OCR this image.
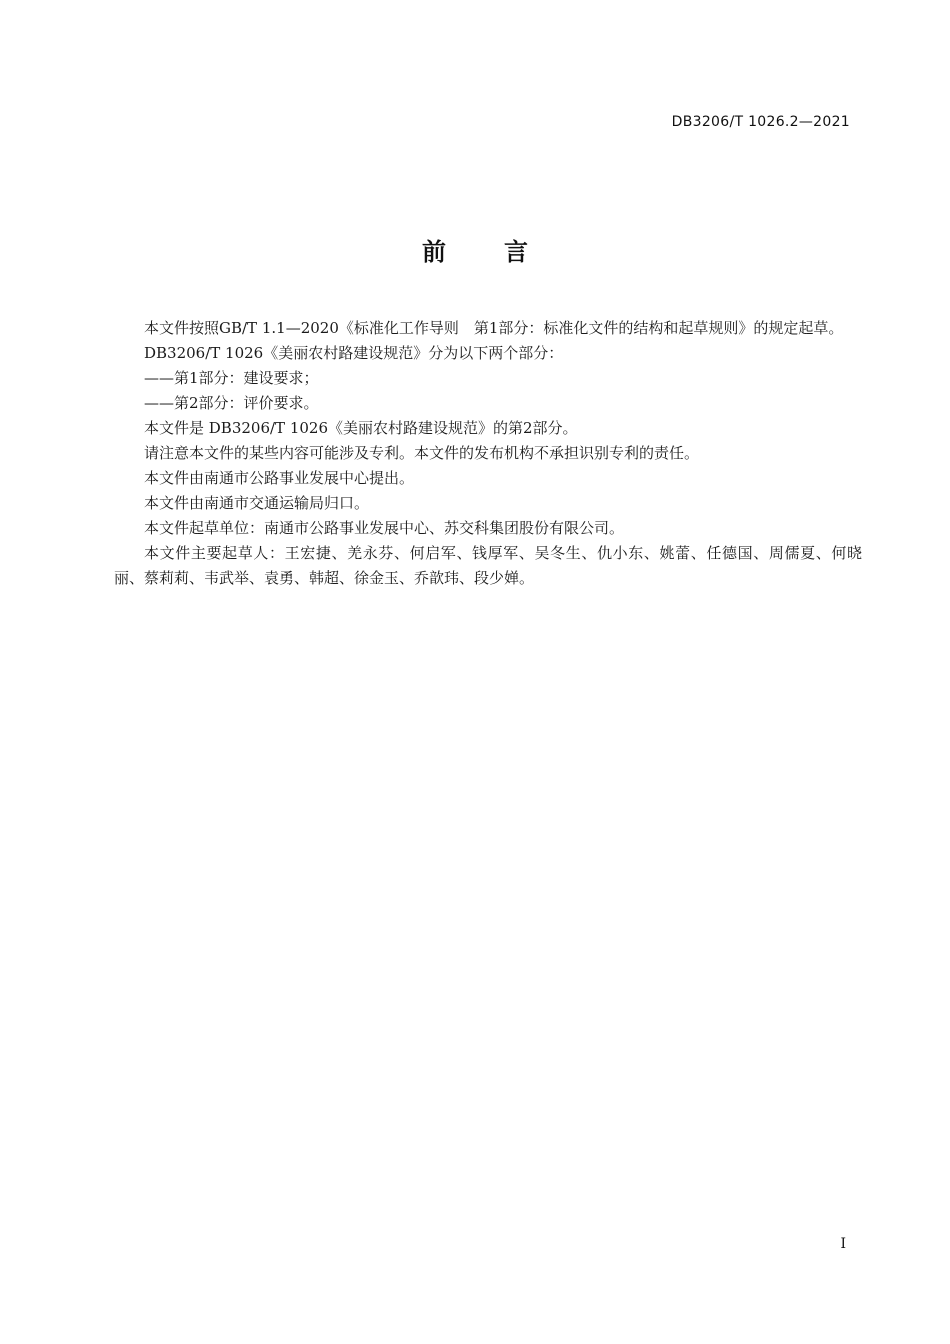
DB3206/T 1026.2—2021
前言

本文件按照GB/T 1.1—2020《标准化工作导则　第1部分：标准化文件的结构和起草规则》的规定起草。

DB3206/T 1026《美丽农村路建设规范》分为以下两个部分：

——第1部分：建设要求；

——第2部分：评价要求。

本文件是 DB3206/T 1026《美丽农村路建设规范》的第2部分。

请注意本文件的某些内容可能涉及专利。本文件的发布机构不承担识别专利的责任。

本文件由南通市公路事业发展中心提出。

本文件由南通市交通运输局归口。

本文件起草单位：南通市公路事业发展中心、苏交科集团股份有限公司。

本文件主要起草人：王宏捷、羌永芬、何启军、钱厚军、吴冬生、仇小东、姚蕾、任德国、周儒夏、何晓丽、蔡莉莉、韦武举、袁勇、韩超、徐金玉、乔歆玮、段少婵。

I
